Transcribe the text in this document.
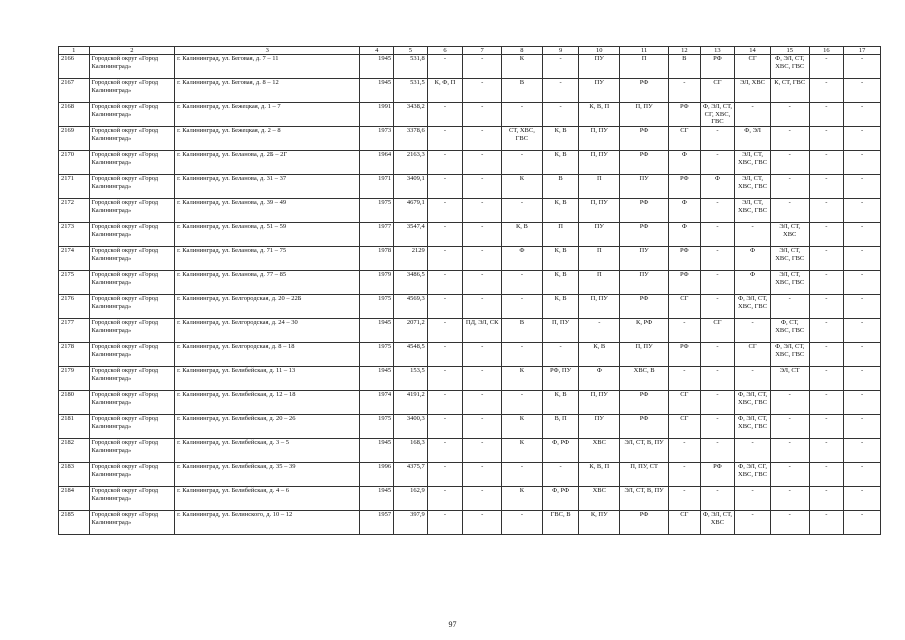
1	2	3	4	5	6	7	8	9	10	11	12	13	14	15	16	17
2166	Городской округ «Город Калининград»	г. Калининград, ул. Беговая, д. 7 – 11	1945	531,8	-	-	К	-	ПУ	П	В	РФ	СГ	Ф, ЭЛ, СТ, ХВС, ГВС	-	-
2167	Городской округ «Город Калининград»	г. Калининград, ул. Беговая, д. 8 – 12	1945	531,5	К, Ф, П	-	В	-	ПУ	РФ	-	СГ	ЭЛ, ХВС	К, СТ, ГВС	-	-
2168	Городской округ «Город Калининград»	г. Калининград, ул. Бежецкая, д. 1 – 7	1991	3438,2	-	-	-	-	К, В, П	П, ПУ	РФ	Ф, ЭЛ, СТ, СГ, ХВС, ГВС	-	-	-	-
2169	Городской округ «Город Калининград»	г. Калининград, ул. Бежецкая, д. 2 – 8	1973	3378,6	-	-	СТ, ХВС, ГВС	К, В	П, ПУ	РФ	СГ	-	Ф, ЭЛ	-	-	-
2170	Городской округ «Город Калининград»	г. Калининград, ул. Беланова, д. 2Б – 2Г	1964	2163,3	-	-	-	К, В	П, ПУ	РФ	Ф	-	ЭЛ, СТ, ХВС, ГВС	-	-	-
2171	Городской округ «Город Калининград»	г. Калининград, ул. Беланова, д. 31 – 37	1971	3409,1	-	-	К	В	П	ПУ	РФ	Ф	ЭЛ, СТ, ХВС, ГВС	-	-	-
2172	Городской округ «Город Калининград»	г. Калининград, ул. Беланова, д. 39 – 49	1975	4679,1	-	-	-	К, В	П, ПУ	РФ	Ф	-	ЭЛ, СТ, ХВС, ГВС	-	-	-
2173	Городской округ «Город Калининград»	г. Калининград, ул. Беланова, д. 51 – 59	1977	3547,4	-	-	К, В	П	ПУ	РФ	Ф	-	-	ЭЛ, СТ, ХВС	-	-
2174	Городской округ «Город Калининград»	г. Калининград, ул. Беланова, д. 71 – 75	1978	2129	-	-	Ф	К, В	П	ПУ	РФ	-	Ф	ЭЛ, СТ, ХВС, ГВС	-	-
2175	Городской округ «Город Калининград»	г. Калининград, ул. Беланова, д. 77 – 85	1979	3486,5	-	-	-	К, В	П	ПУ	РФ	-	Ф	ЭЛ, СТ, ХВС, ГВС	-	-
2176	Городской округ «Город Калининград»	г. Калининград, ул. Белгородская, д. 20 – 22Б	1975	4569,3	-	-	-	К, В	П, ПУ	РФ	СГ	-	Ф, ЭЛ, СТ, ХВС, ГВС	-	-	-
2177	Городской округ «Город Калининград»	г. Калининград, ул. Белгородская, д. 24 – 30	1945	2071,2	-	ПД, ЭЛ, СК	В	П, ПУ	-	К, РФ	-	СГ	-	Ф, СТ, ХВС, ГВС	-	-
2178	Городской округ «Город Калининград»	г. Калининград, ул. Белгородская, д. 8 – 18	1975	4548,5	-	-	-	-	К, В	П, ПУ	РФ	-	СГ	Ф, ЭЛ, СТ, ХВС, ГВС	-	-
2179	Городской округ «Город Калининград»	г. Калининград, ул. Белибейская, д. 11 – 13	1945	153,5	-	-	К	РФ, ПУ	Ф	ХВС, В	-	-	-	ЭЛ, СТ	-	-
2180	Городской округ «Город Калининград»	г. Калининград, ул. Белибейская, д. 12 – 18	1974	4191,2	-	-	-	К, В	П, ПУ	РФ	СГ	-	Ф, ЭЛ, СТ, ХВС, ГВС	-	-	-
2181	Городской округ «Город Калининград»	г. Калининград, ул. Белибейская, д. 20 – 26	1975	3400,3	-	-	К	В, П	ПУ	РФ	СГ	-	Ф, ЭЛ, СТ, ХВС, ГВС	-	-	-
2182	Городской округ «Город Калининград»	г. Калининград, ул. Белибейская, д. 3 – 5	1945	168,3	-	-	К	Ф, РФ	ХВС	ЭЛ, СТ, В, ПУ	-	-	-	-	-	-
2183	Городской округ «Город Калининград»	г. Калининград, ул. Белибейская, д. 35 – 39	1996	4375,7	-	-	-	-	К, В, П	П, ПУ, СТ	-	РФ	Ф, ЭЛ, СГ, ХВС, ГВС	-	-	-
2184	Городской округ «Город Калининград»	г. Калининград, ул. Белибейская, д. 4 – 6	1945	162,9	-	-	К	Ф, РФ	ХВС	ЭЛ, СТ, В, ПУ	-	-	-	-	-	-
2185	Городской округ «Город Калининград»	г. Калининград, ул. Белинского, д. 10 – 12	1957	397,9	-	-	-	ГВС, В	К, ПУ	РФ	СГ	Ф, ЭЛ, СТ, ХВС	-	-	-	-
97
